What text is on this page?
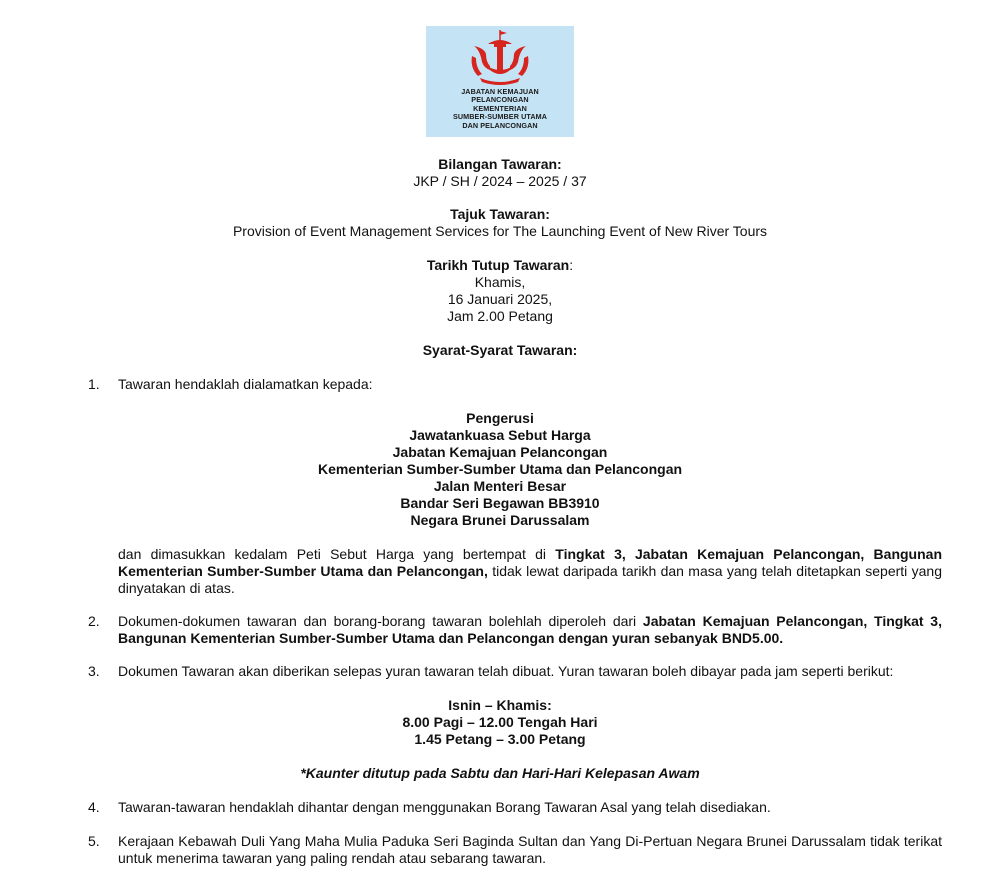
JABATAN KEMAJUAN
PELANCONGAN
KEMENTERIAN
SUMBER-SUMBER UTAMA
DAN PELANCONGAN
Bilangan Tawaran:
JKP / SH / 2024 – 2025 / 37
Tajuk Tawaran:
Provision of Event Management Services for The Launching Event of New River Tours
Tarikh Tutup Tawaran:
Khamis,
16 Januari 2025,
Jam 2.00 Petang
Syarat-Syarat Tawaran:
1.	Tawaran hendaklah dialamatkan kepada:
Pengerusi
Jawatankuasa Sebut Harga
Jabatan Kemajuan Pelancongan
Kementerian Sumber-Sumber Utama dan Pelancongan
Jalan Menteri Besar
Bandar Seri Begawan BB3910
Negara Brunei Darussalam
dan dimasukkan kedalam Peti Sebut Harga yang bertempat di Tingkat 3, Jabatan Kemajuan Pelancongan, Bangunan Kementerian Sumber-Sumber Utama dan Pelancongan, tidak lewat daripada tarikh dan masa yang telah ditetapkan seperti yang dinyatakan di atas.
2.	Dokumen-dokumen tawaran dan borang-borang tawaran bolehlah diperoleh dari Jabatan Kemajuan Pelancongan, Tingkat 3, Bangunan Kementerian Sumber-Sumber Utama dan Pelancongan dengan yuran sebanyak BND5.00.
3.	Dokumen Tawaran akan diberikan selepas yuran tawaran telah dibuat. Yuran tawaran boleh dibayar pada jam seperti berikut:
Isnin – Khamis:
8.00 Pagi – 12.00 Tengah Hari
1.45 Petang – 3.00 Petang
*Kaunter ditutup pada Sabtu dan Hari-Hari Kelepasan Awam
4.	Tawaran-tawaran hendaklah dihantar dengan menggunakan Borang Tawaran Asal yang telah disediakan.
5.	Kerajaan Kebawah Duli Yang Maha Mulia Paduka Seri Baginda Sultan dan Yang Di-Pertuan Negara Brunei Darussalam tidak terikat untuk menerima tawaran yang paling rendah atau sebarang tawaran.
